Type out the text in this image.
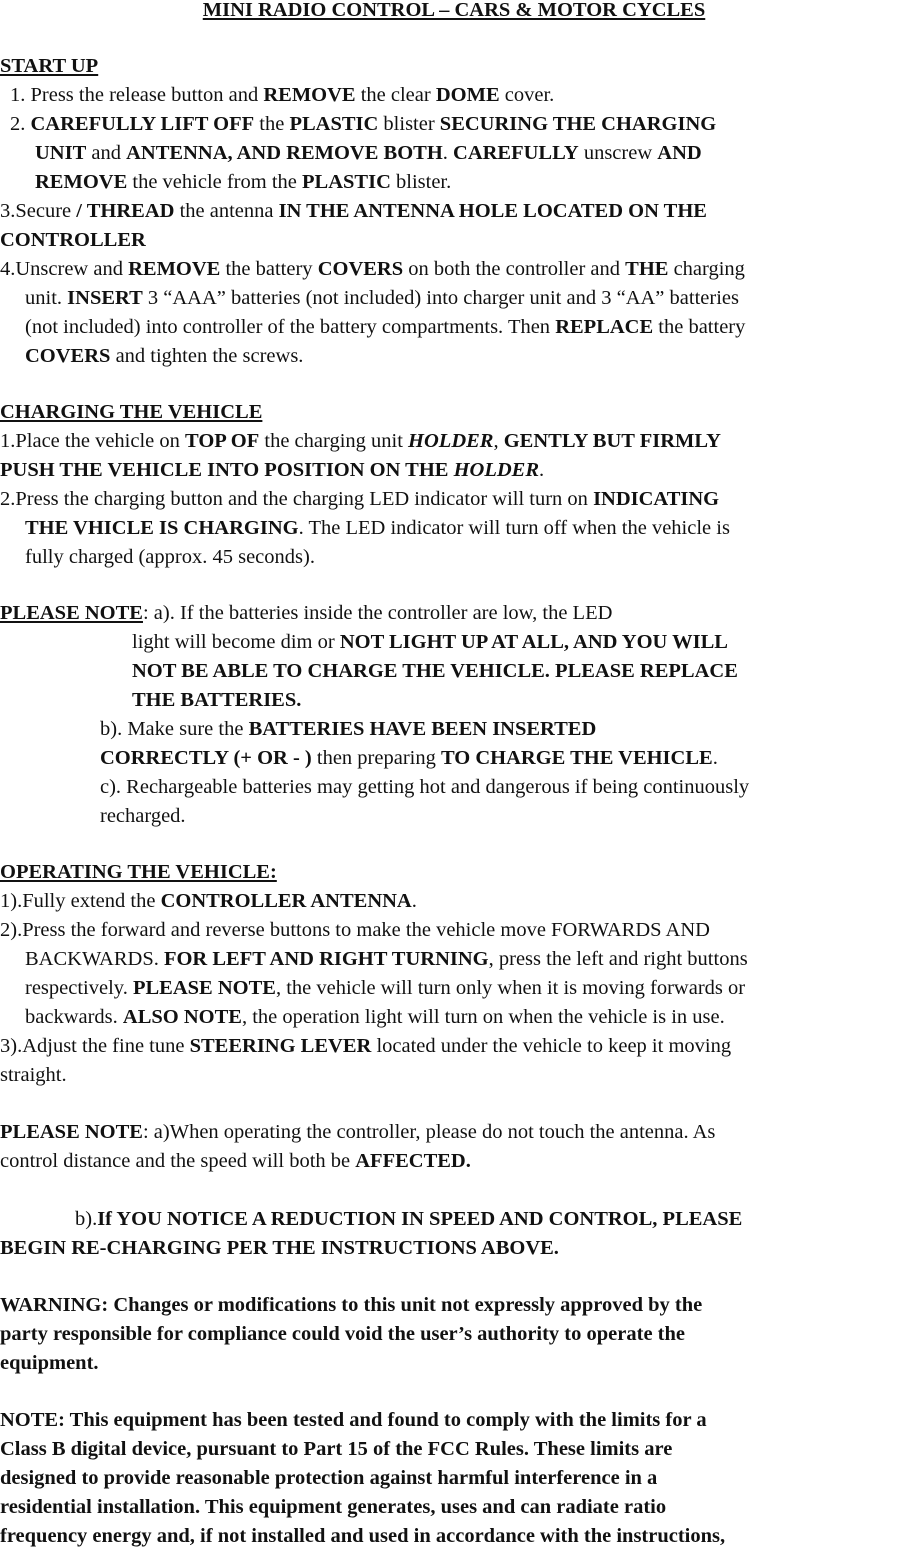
MINI RADIO CONTROL – CARS & MOTOR CYCLES
START UP
1. Press the release button and REMOVE the clear DOME cover.
2. CAREFULLY LIFT OFF the PLASTIC blister SECURING THE CHARGING
UNIT and ANTENNA, AND REMOVE BOTH. CAREFULLY unscrew AND
REMOVE the vehicle from the PLASTIC blister.
3.Secure / THREAD the antenna IN THE ANTENNA HOLE LOCATED ON THE
CONTROLLER
4.Unscrew and REMOVE the battery COVERS on both the controller and THE charging
unit. INSERT 3 “AAA” batteries (not included) into charger unit and 3 “AA” batteries
(not included) into controller of the battery compartments. Then REPLACE the battery
COVERS and tighten the screws.
CHARGING THE VEHICLE
1.Place the vehicle on TOP OF the charging unit HOLDER, GENTLY BUT FIRMLY
PUSH THE VEHICLE INTO POSITION ON THE HOLDER.
2.Press the charging button and the charging LED indicator will turn on INDICATING
THE VHICLE IS CHARGING. The LED indicator will turn off when the vehicle is
fully charged (approx. 45 seconds).
PLEASE NOTE: a). If the batteries inside the controller are low, the LED
light will become dim or NOT LIGHT UP AT ALL, AND YOU WILL
NOT BE ABLE TO CHARGE THE VEHICLE. PLEASE REPLACE
THE BATTERIES.
b). Make sure the BATTERIES HAVE BEEN INSERTED
CORRECTLY (+ OR - ) then preparing TO CHARGE THE VEHICLE.
c). Rechargeable batteries may getting hot and dangerous if being continuously
recharged.
OPERATING THE VEHICLE:
1).Fully extend the CONTROLLER ANTENNA.
2).Press the forward and reverse buttons to make the vehicle move FORWARDS AND
BACKWARDS. FOR LEFT AND RIGHT TURNING, press the left and right buttons
respectively. PLEASE NOTE, the vehicle will turn only when it is moving forwards or
backwards. ALSO NOTE, the operation light will turn on when the vehicle is in use.
3).Adjust the fine tune STEERING LEVER located under the vehicle to keep it moving
straight.
PLEASE NOTE: a)When operating the controller, please do not touch the antenna. As
control distance and the speed will both be AFFECTED.
b).If YOU NOTICE A REDUCTION IN SPEED AND CONTROL, PLEASE
BEGIN RE-CHARGING PER THE INSTRUCTIONS ABOVE.
WARNING: Changes or modifications to this unit not expressly approved by the
party responsible for compliance could void the user’s authority to operate the
equipment.
NOTE: This equipment has been tested and found to comply with the limits for a
Class B digital device, pursuant to Part 15 of the FCC Rules. These limits are
designed to provide reasonable protection against harmful interference in a
residential installation. This equipment generates, uses and can radiate ratio
frequency energy and, if not installed and used in accordance with the instructions,
